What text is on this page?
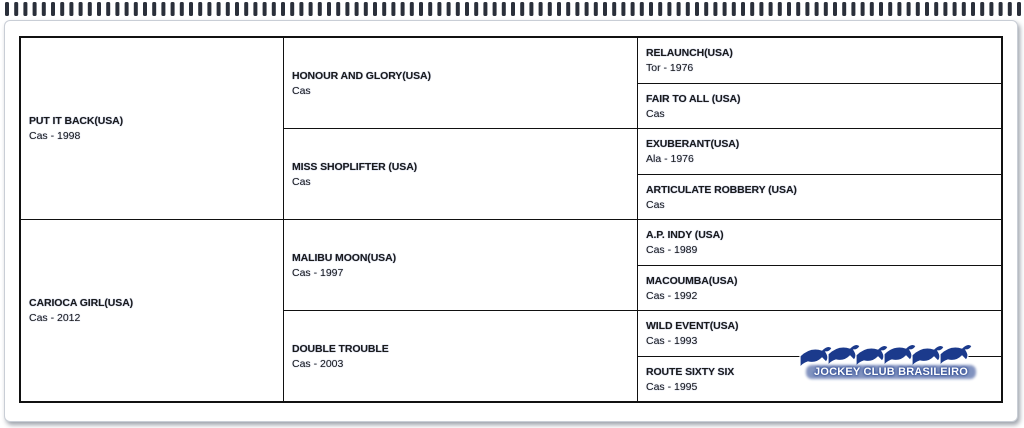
PUT IT BACK(USA)
Cas - 1998
CARIOCA GIRL(USA)
Cas - 2012
HONOUR AND GLORY(USA)
Cas
MISS SHOPLIFTER (USA)
Cas
MALIBU MOON(USA)
Cas - 1997
DOUBLE TROUBLE
Cas - 2003
RELAUNCH(USA)
Tor - 1976
FAIR TO ALL (USA)
Cas
EXUBERANT(USA)
Ala - 1976
ARTICULATE ROBBERY (USA)
Cas
A.P. INDY (USA)
Cas - 1989
MACOUMBA(USA)
Cas - 1992
WILD EVENT(USA)
Cas - 1993
ROUTE SIXTY SIX
Cas - 1995
JOCKEY CLUB BRASILEIRO
